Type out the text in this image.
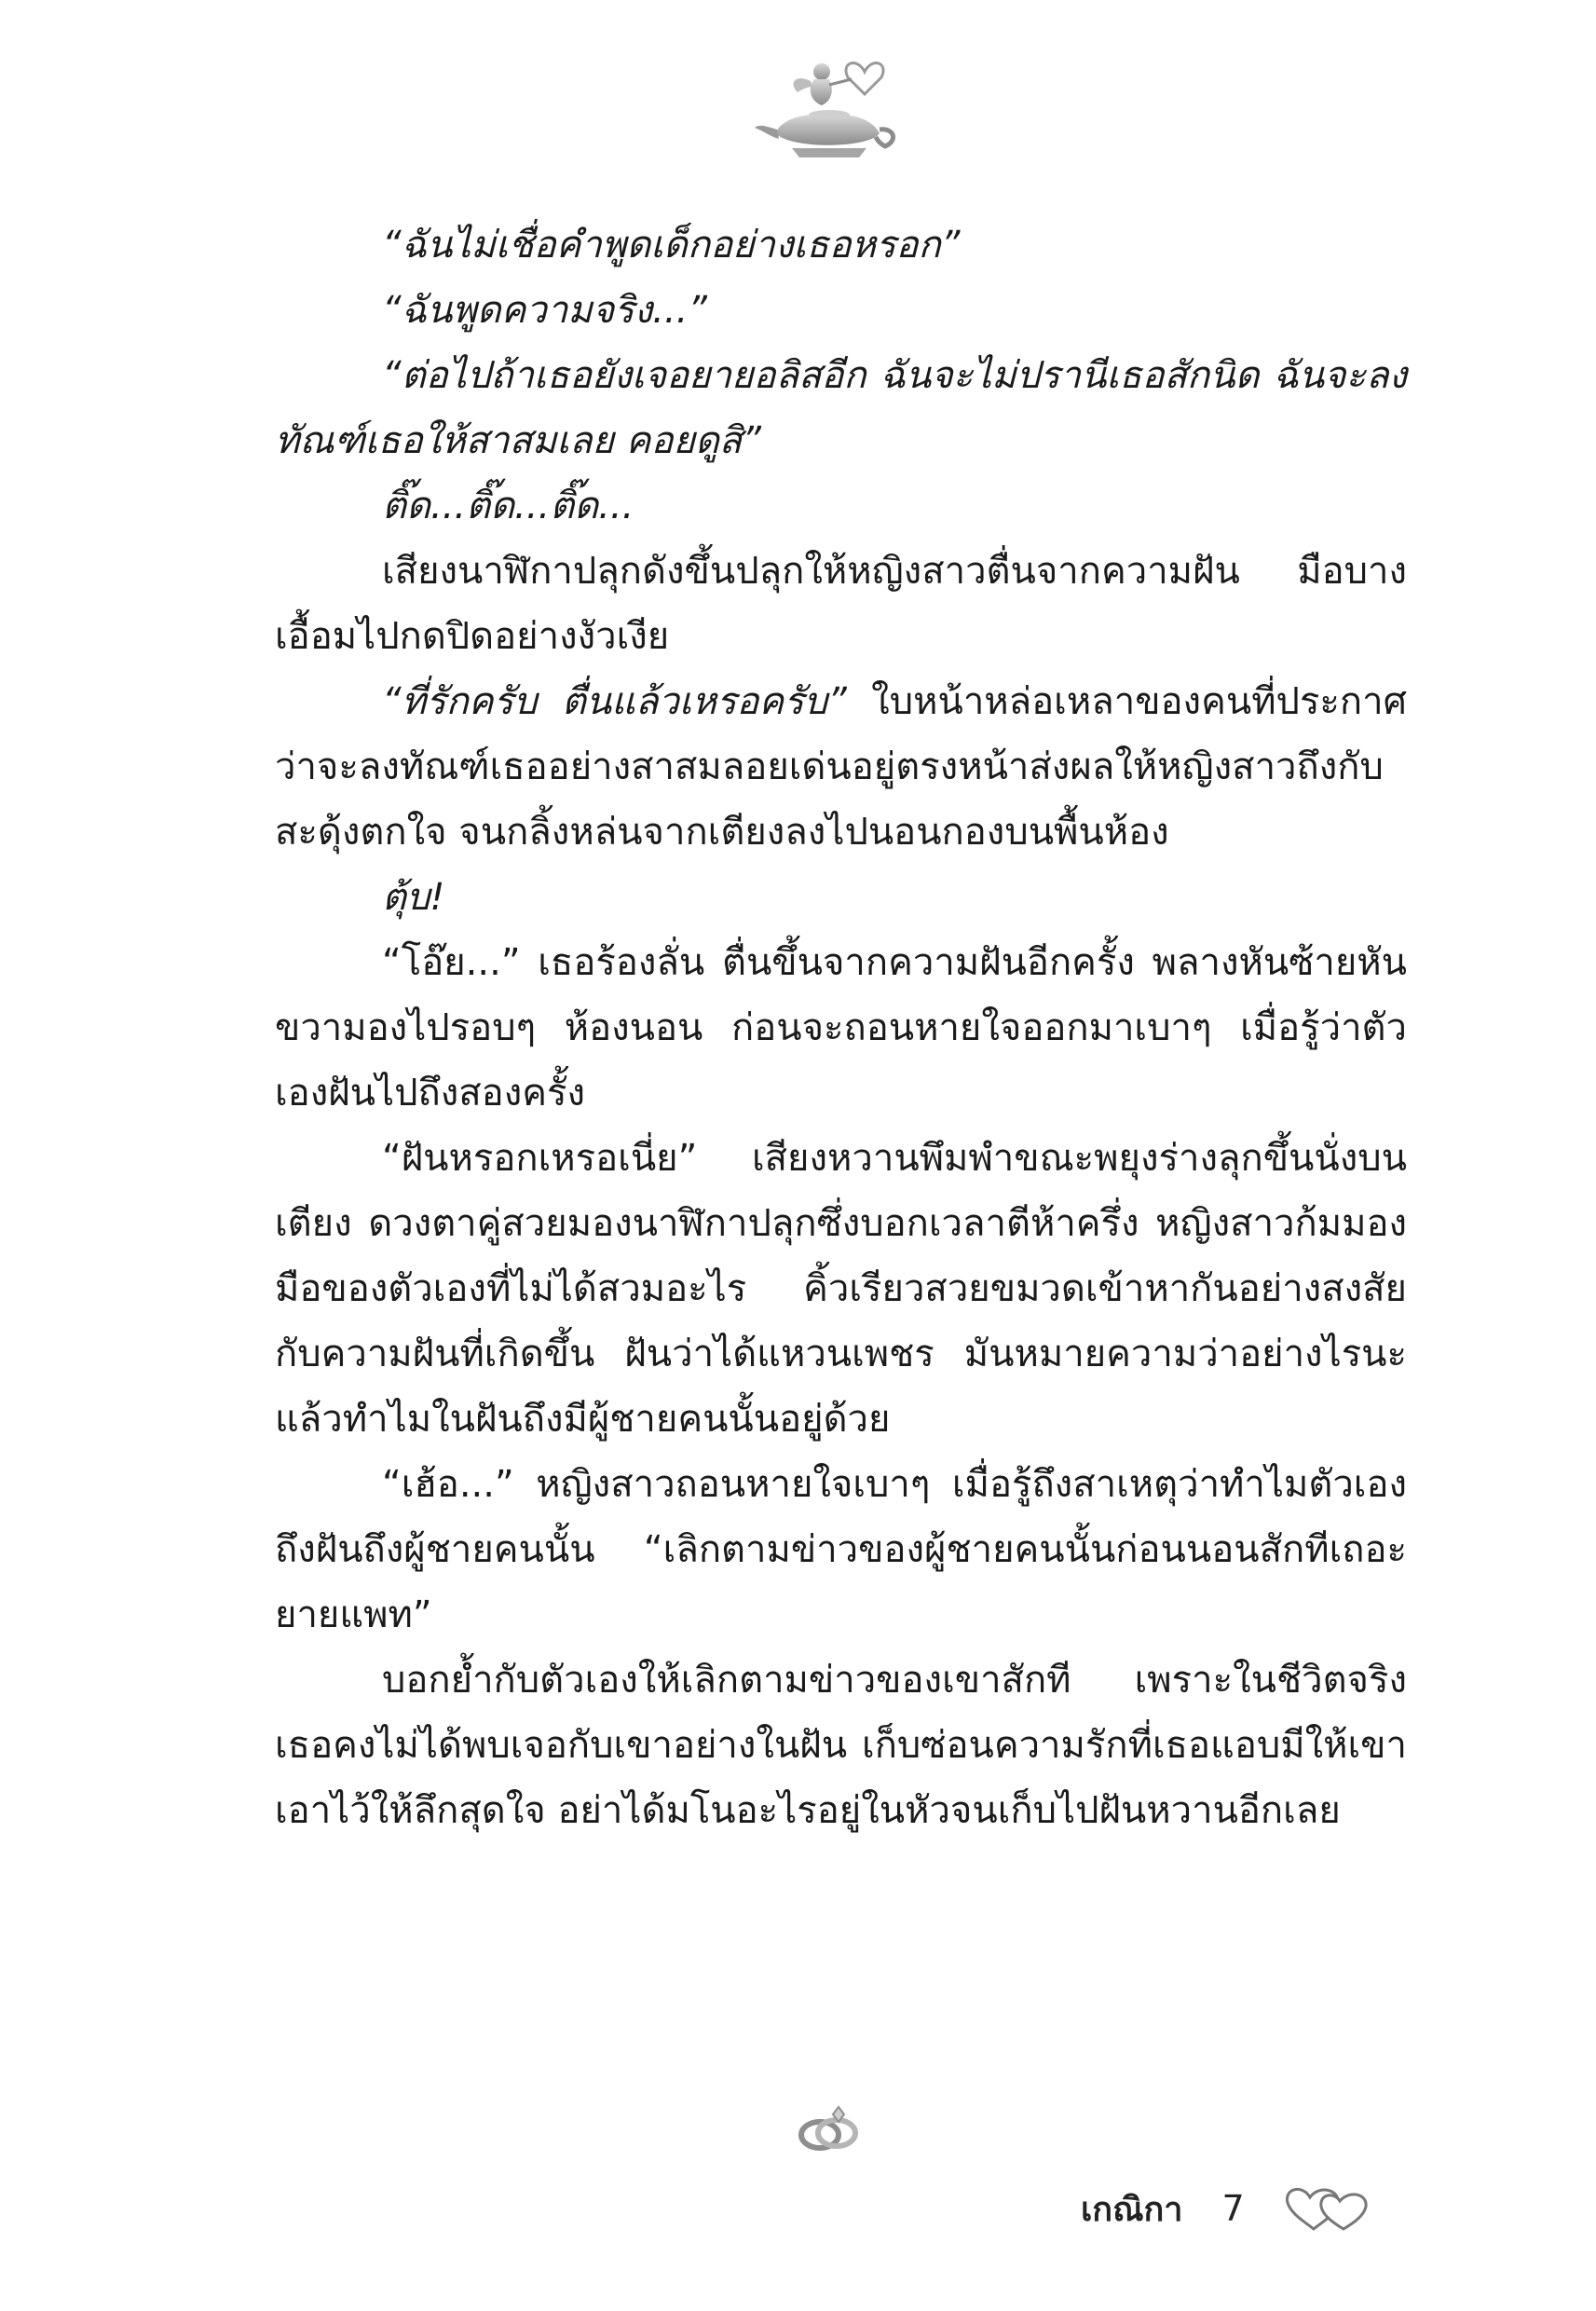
“ฉันไม่เชื่อคำพูดเด็กอย่างเธอหรอก”

“ฉันพูดความจริง...”

“ต่อไปถ้าเธอยังเจอยายอลิสอีก ฉันจะไม่ปรานีเธอสักนิด ฉันจะลงทัณฑ์เธอให้สาสมเลย คอยดูสิ”

ติ๊ด...ติ๊ด...ติ๊ด...

เสียงนาฬิกาปลุกดังขึ้นปลุกให้หญิงสาวตื่นจากความฝัน มือบางเอื้อมไปกดปิดอย่างงัวเงีย

“ที่รักครับ ตื่นแล้วเหรอครับ” ใบหน้าหล่อเหลาของคนที่ประกาศว่าจะลงทัณฑ์เธออย่างสาสมลอยเด่นอยู่ตรงหน้าส่งผลให้หญิงสาวถึงกับสะดุ้งตกใจ จนกลิ้งหล่นจากเตียงลงไปนอนกองบนพื้นห้อง

ตุ้บ!

“โอ๊ย...” เธอร้องลั่น ตื่นขึ้นจากความฝันอีกครั้ง พลางหันซ้ายหันขวามองไปรอบๆ ห้องนอน ก่อนจะถอนหายใจออกมาเบาๆ เมื่อรู้ว่าตัวเองฝันไปถึงสองครั้ง

“ฝันหรอกเหรอเนี่ย” เสียงหวานพึมพำขณะพยุงร่างลุกขึ้นนั่งบนเตียง ดวงตาคู่สวยมองนาฬิกาปลุกซึ่งบอกเวลาตีห้าครึ่ง หญิงสาวก้มมองมือของตัวเองที่ไม่ได้สวมอะไร คิ้วเรียวสวยขมวดเข้าหากันอย่างสงสัยกับความฝันที่เกิดขึ้น ฝันว่าได้แหวนเพชร มันหมายความว่าอย่างไรนะ แล้วทำไมในฝันถึงมีผู้ชายคนนั้นอยู่ด้วย

“เฮ้อ...” หญิงสาวถอนหายใจเบาๆ เมื่อรู้ถึงสาเหตุว่าทำไมตัวเองถึงฝันถึงผู้ชายคนนั้น “เลิกตามข่าวของผู้ชายคนนั้นก่อนนอนสักทีเถอะยายแพท”

บอกย้ำกับตัวเองให้เลิกตามข่าวของเขาสักที เพราะในชีวิตจริงเธอคงไม่ได้พบเจอกับเขาอย่างในฝัน เก็บซ่อนความรักที่เธอแอบมีให้เขาเอาไว้ให้ลึกสุดใจ อย่าได้มโนอะไรอยู่ในหัวจนเก็บไปฝันหวานอีกเลย

เกณิกา 7
